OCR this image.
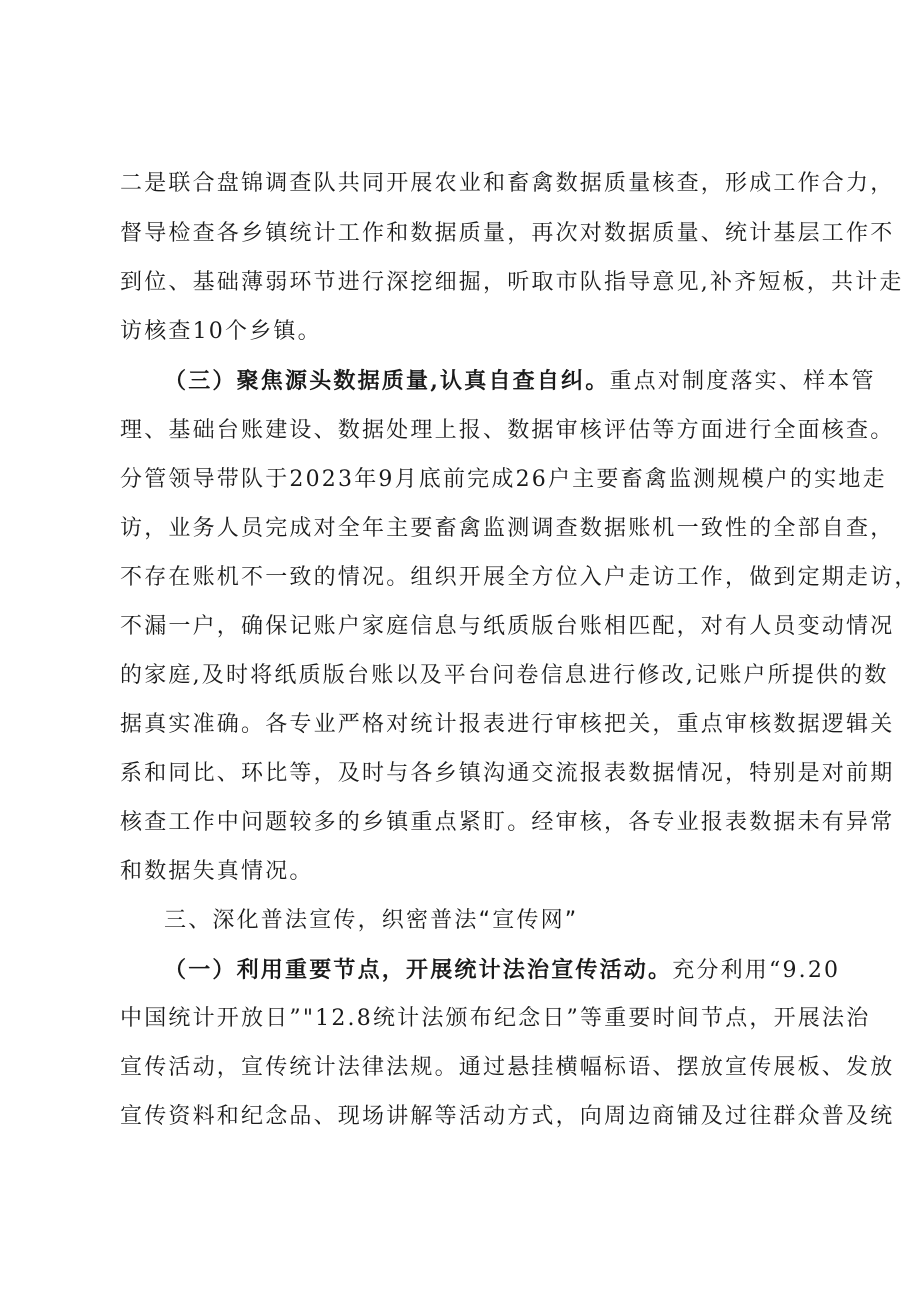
二是联合盘锦调查队共同开展农业和畜禽数据质量核查，形成工作合力，
督导检查各乡镇统计工作和数据质量，再次对数据质量、统计基层工作不
到位、基础薄弱环节进行深挖细掘，听取市队指导意见,补齐短板，共计走
访核查10个乡镇。
（三）聚焦源头数据质量,认真自查自纠。重点对制度落实、样本管
理、基础台账建设、数据处理上报、数据审核评估等方面进行全面核查。
分管领导带队于2023年9月底前完成26户主要畜禽监测规模户的实地走
访，业务人员完成对全年主要畜禽监测调查数据账机一致性的全部自查，
不存在账机不一致的情况。组织开展全方位入户走访工作，做到定期走访，
不漏一户，确保记账户家庭信息与纸质版台账相匹配，对有人员变动情况
的家庭,及时将纸质版台账以及平台问卷信息进行修改,记账户所提供的数
据真实准确。各专业严格对统计报表进行审核把关，重点审核数据逻辑关
系和同比、环比等，及时与各乡镇沟通交流报表数据情况，特别是对前期
核查工作中问题较多的乡镇重点紧盯。经审核，各专业报表数据未有异常
和数据失真情况。
三、深化普法宣传，织密普法“宣传网”
（一）利用重要节点，开展统计法治宣传活动。充分利用“9.20
中国统计开放日”"12.8统计法颁布纪念日”等重要时间节点，开展法治
宣传活动，宣传统计法律法规。通过悬挂横幅标语、摆放宣传展板、发放
宣传资料和纪念品、现场讲解等活动方式，向周边商铺及过往群众普及统
